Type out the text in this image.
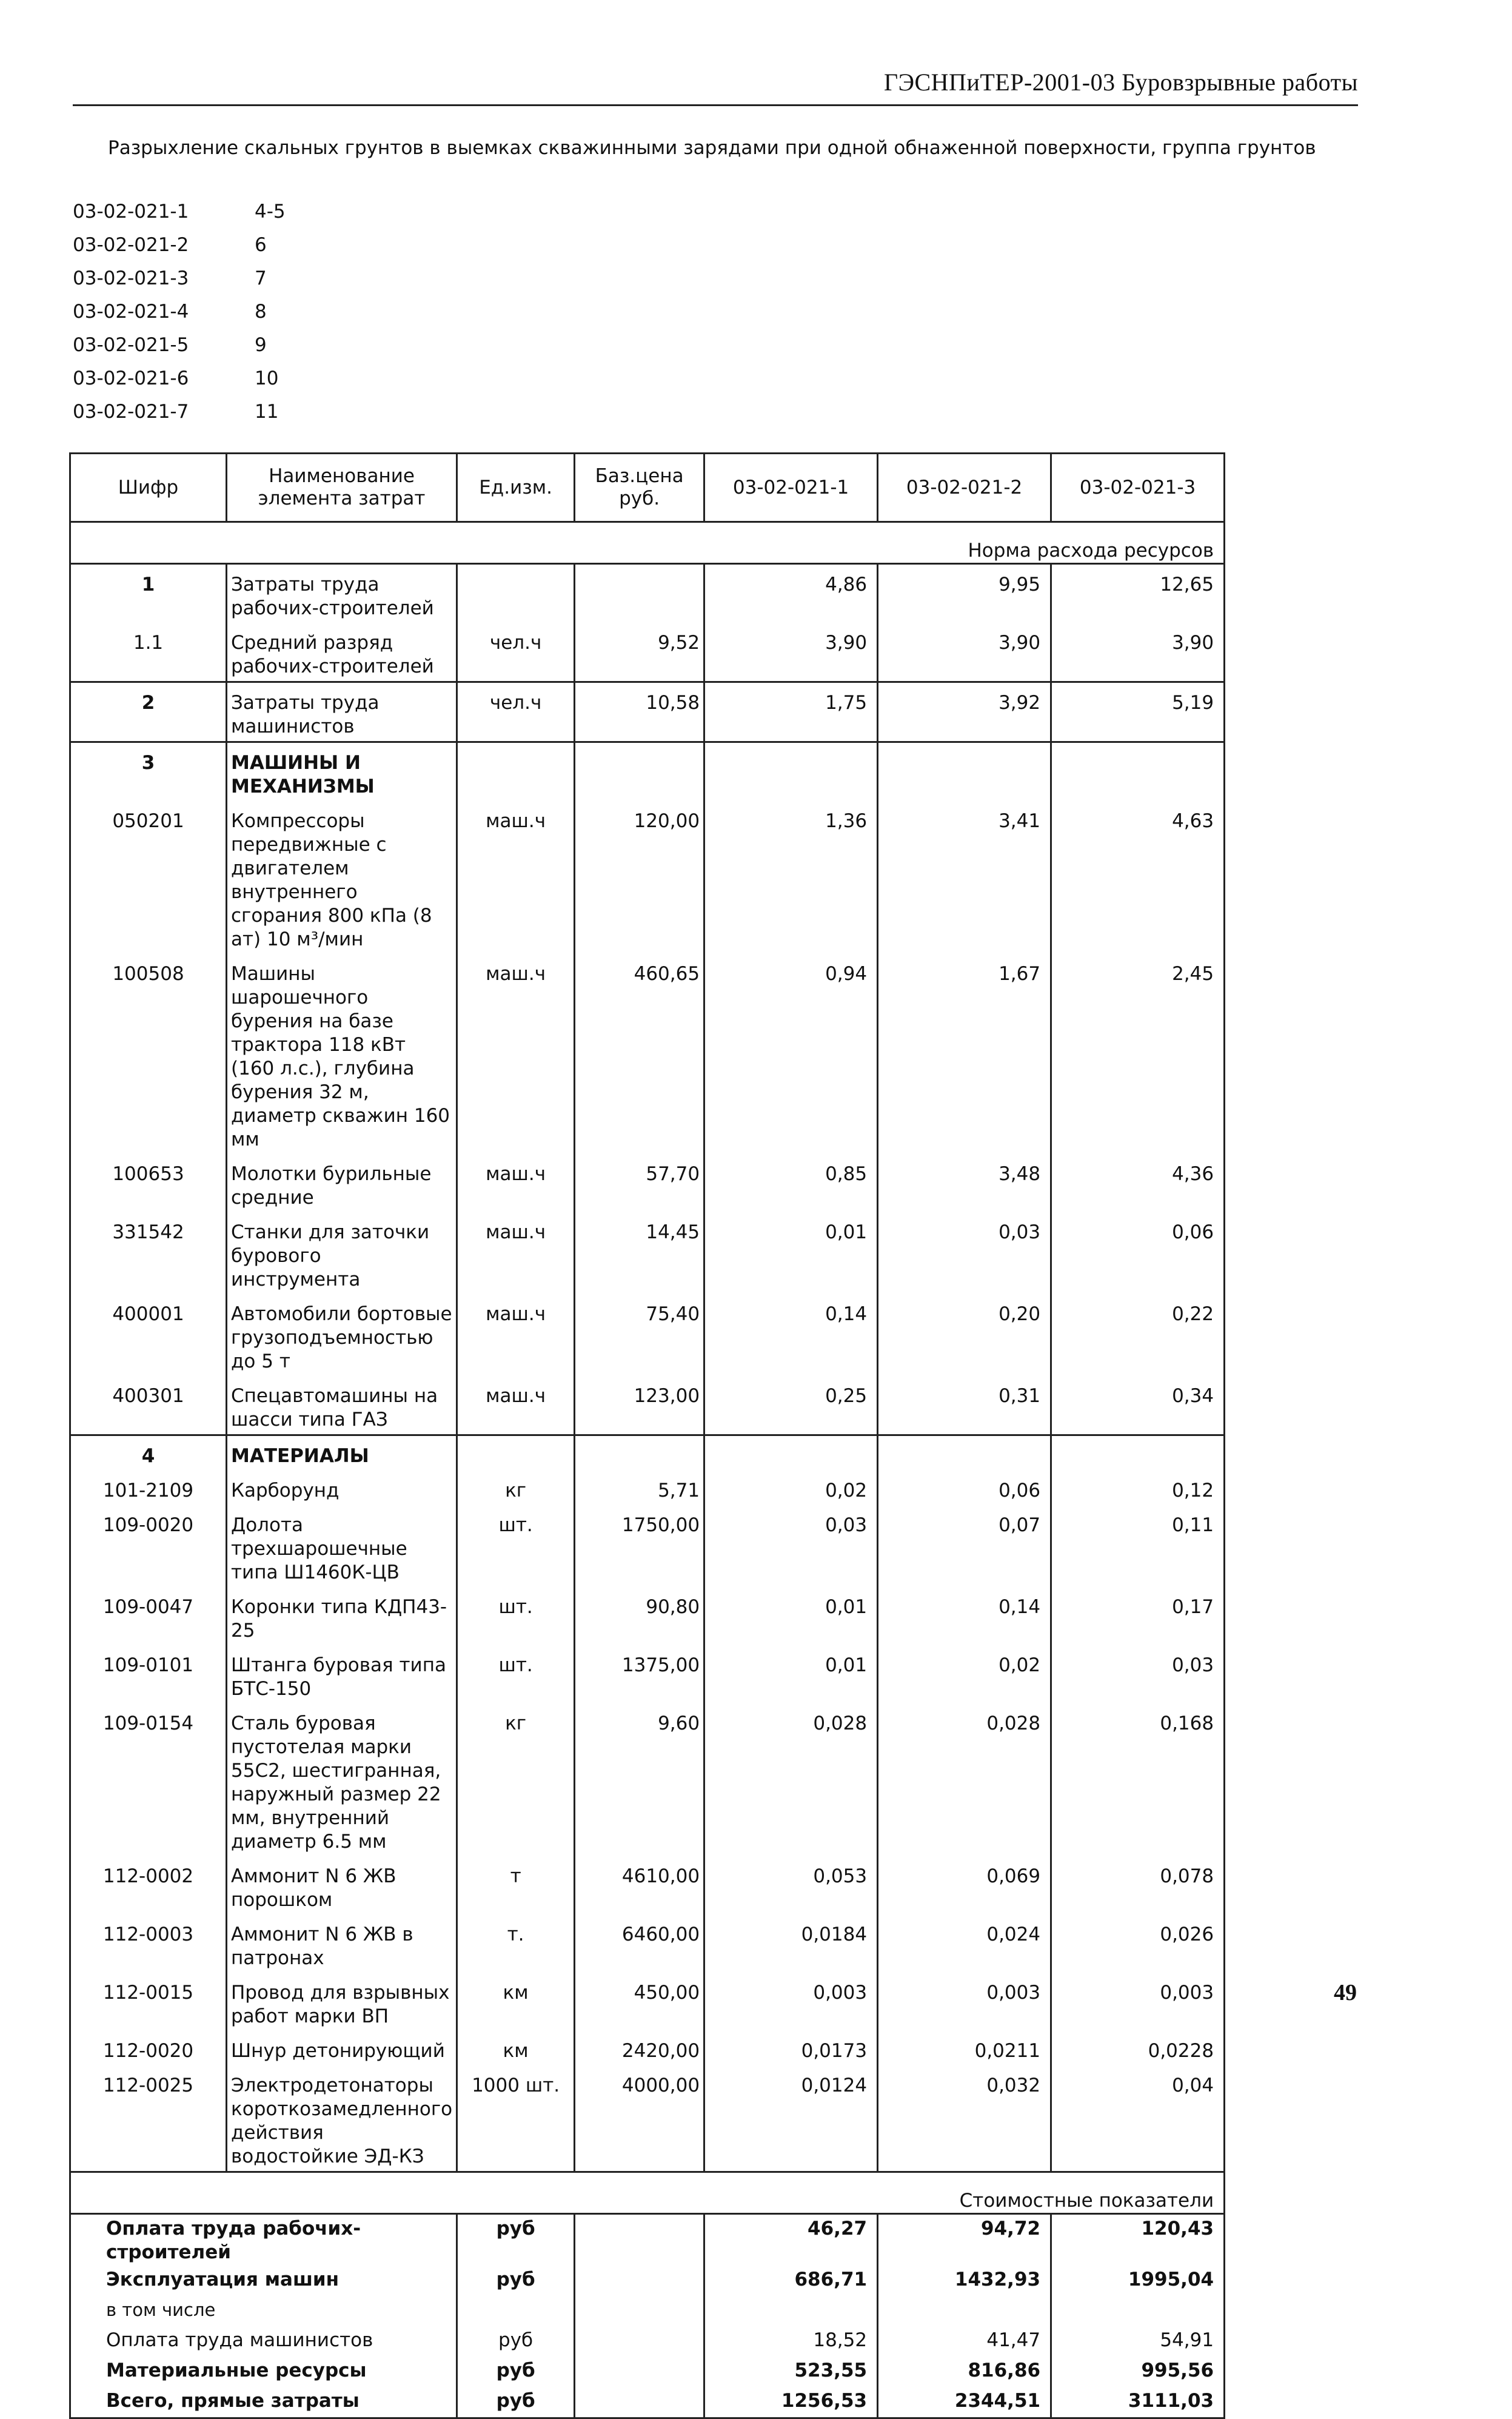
ГЭСНПиТЕР-2001-03 Буровзрывные работы
Разрыхление скальных грунтов в выемках скважинными зарядами при одной обнаженной поверхности, группа грунтов
03-02-021-1	4-5
03-02-021-2	6
03-02-021-3	7
03-02-021-4	8
03-02-021-5	9
03-02-021-6	10
03-02-021-7	11
Шифр	Наименование элемента затрат	Ед.изм.	Баз.цена руб.	03-02-021-1	03-02-021-2	03-02-021-3
Норма расхода ресурсов						
1	Затраты труда рабочих-строителей			4,86	9,95	12,65
1.1	Средний разряд рабочих-строителей	чел.ч	9,52	3,90	3,90	3,90
2	Затраты труда машинистов	чел.ч	10,58	1,75	3,92	5,19
3	МАШИНЫ И МЕХАНИЗМЫ					
050201	Компрессоры передвижные с двигателем внутреннего сгорания 800 кПа (8 ат) 10 м³/мин	маш.ч	120,00	1,36	3,41	4,63
100508	Машины шарошечного бурения на базе трактора 118 кВт (160 л.с.), глубина бурения 32 м, диаметр скважин 160 мм	маш.ч	460,65	0,94	1,67	2,45
100653	Молотки бурильные средние	маш.ч	57,70	0,85	3,48	4,36
331542	Станки для заточки бурового инструмента	маш.ч	14,45	0,01	0,03	0,06
400001	Автомобили бортовые грузоподъемностью до 5 т	маш.ч	75,40	0,14	0,20	0,22
400301	Спецавтомашины на шасси типа ГАЗ	маш.ч	123,00	0,25	0,31	0,34
4	МАТЕРИАЛЫ					
101-2109	Карборунд	кг	5,71	0,02	0,06	0,12
109-0020	Долота трехшарошечные типа Ш1460К-ЦВ	шт.	1750,00	0,03	0,07	0,11
109-0047	Коронки типа КДП43-25	шт.	90,80	0,01	0,14	0,17
109-0101	Штанга буровая типа БТС-150	шт.	1375,00	0,01	0,02	0,03
109-0154	Сталь буровая пустотелая марки 55С2, шестигранная, наружный размер 22 мм, внутренний диаметр 6.5 мм	кг	9,60	0,028	0,028	0,168
112-0002	Аммонит N 6 ЖВ порошком	т	4610,00	0,053	0,069	0,078
112-0003	Аммонит N 6 ЖВ в патронах	т.	6460,00	0,0184	0,024	0,026
112-0015	Провод для взрывных работ марки ВП	км	450,00	0,003	0,003	0,003
112-0020	Шнур детонирующий	км	2420,00	0,0173	0,0211	0,0228
112-0025	Электродетонаторы короткозамедленного действия водостойкие ЭД-КЗ	1000 шт.	4000,00	0,0124	0,032	0,04
Стоимостные показатели						
Оплата труда рабочих-строителей		руб		46,27	94,72	120,43
Эксплуатация машин		руб		686,71	1432,93	1995,04
в том числе						
Оплата труда машинистов		руб		18,52	41,47	54,91
Материальные ресурсы		руб		523,55	816,86	995,56
Всего, прямые затраты		руб		1256,53	2344,51	3111,03
49
